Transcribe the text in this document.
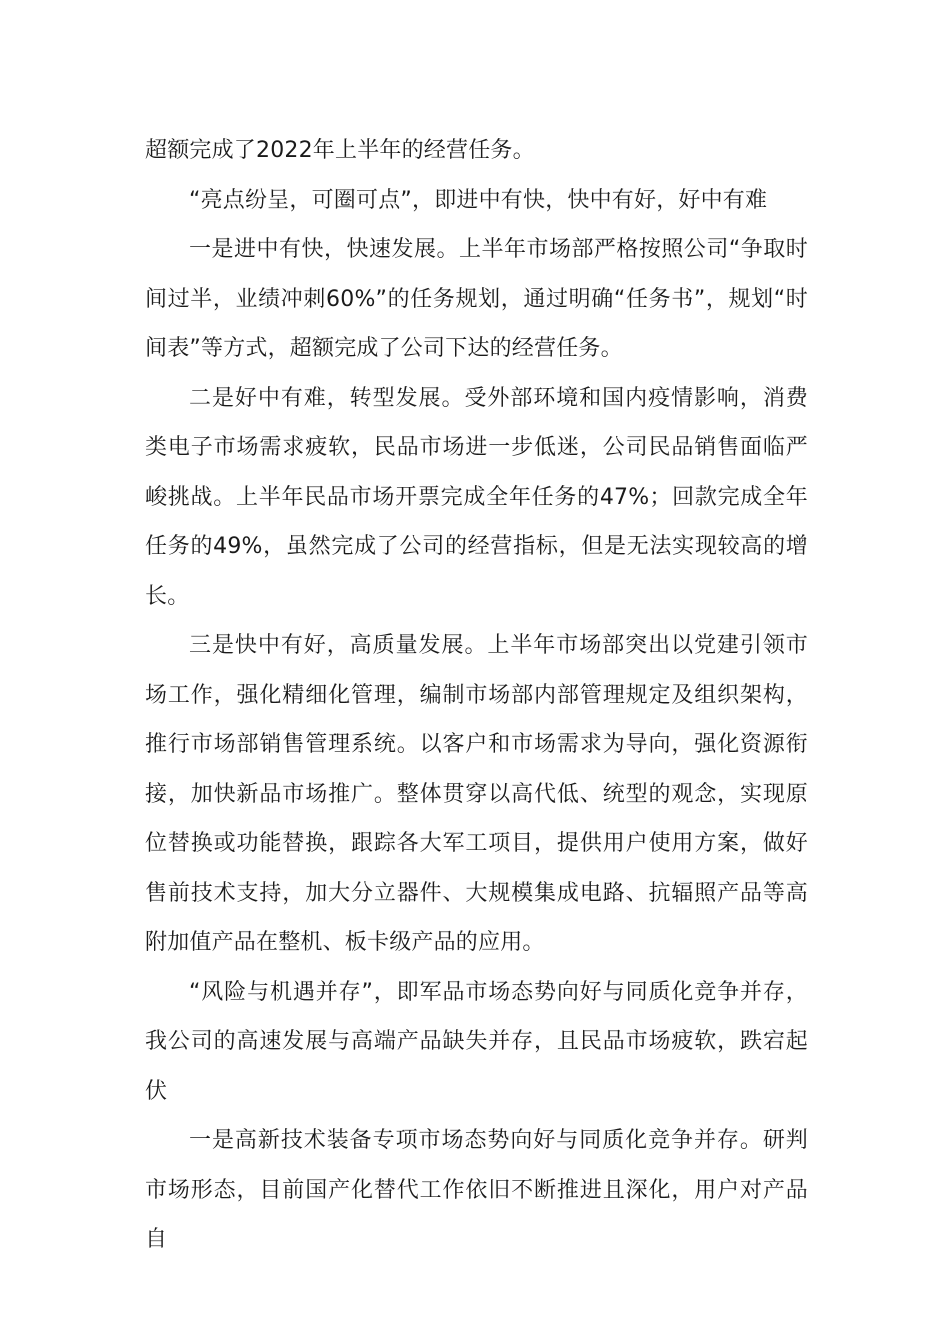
超额完成了2022年上半年的经营任务。

“亮点纷呈，可圈可点”，即进中有快，快中有好，好中有难

一是进中有快，快速发展。上半年市场部严格按照公司“争取时间过半，业绩冲刺60%”的任务规划，通过明确“任务书”，规划“时间表”等方式，超额完成了公司下达的经营任务。

二是好中有难，转型发展。受外部环境和国内疫情影响，消费类电子市场需求疲软，民品市场进一步低迷，公司民品销售面临严峻挑战。上半年民品市场开票完成全年任务的47%；回款完成全年任务的49%，虽然完成了公司的经营指标，但是无法实现较高的增长。

三是快中有好，高质量发展。上半年市场部突出以党建引领市场工作，强化精细化管理，编制市场部内部管理规定及组织架构，推行市场部销售管理系统。以客户和市场需求为导向，强化资源衔接，加快新品市场推广。整体贯穿以高代低、统型的观念，实现原位替换或功能替换，跟踪各大军工项目，提供用户使用方案，做好售前技术支持，加大分立器件、大规模集成电路、抗辐照产品等高附加值产品在整机、板卡级产品的应用。

“风险与机遇并存”，即军品市场态势向好与同质化竞争并存，我公司的高速发展与高端产品缺失并存，且民品市场疲软，跌宕起伏

一是高新技术装备专项市场态势向好与同质化竞争并存。研判市场形态，目前国产化替代工作依旧不断推进且深化，用户对产品自
